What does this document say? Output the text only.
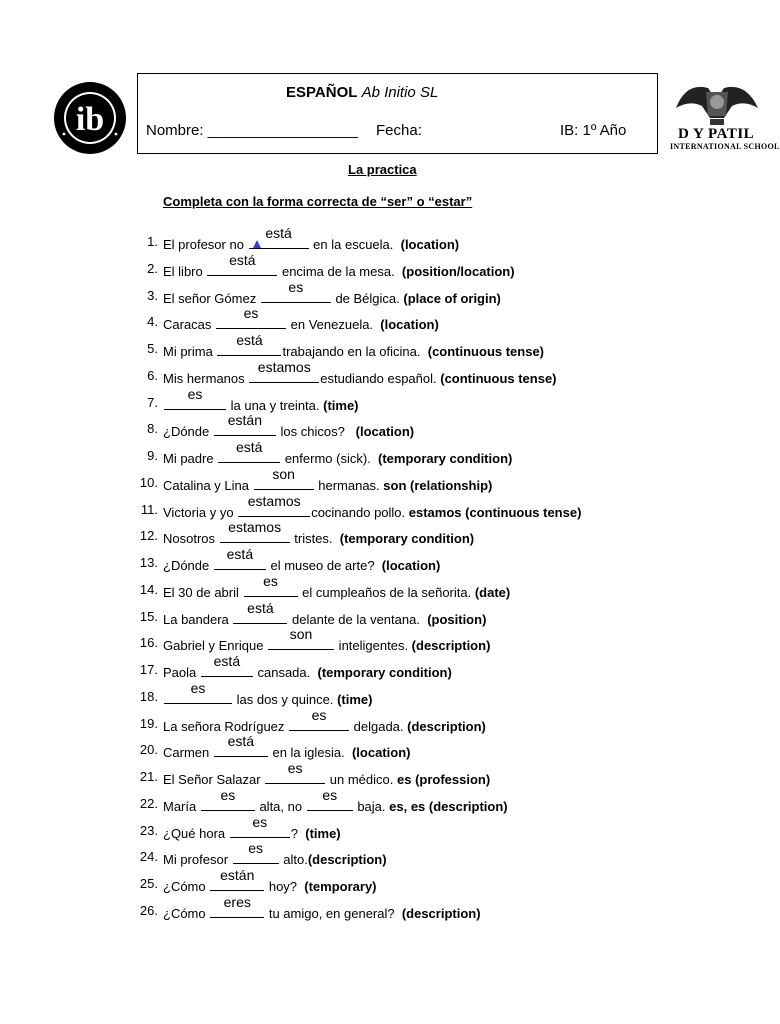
ib	D Y PATIL
INTERNATIONAL SCHOOL
ESPAÑOL Ab Initio SL
Nombre: __________________ Fecha:	IB: 1º Año
La practica
Completa con la forma correcta de “ser” o “estar”
1. El profesor no
está
en la escuela. (location)
2. El libro
está
encima de la mesa. (position/location)
3. El señor Gómez
es
de Bélgica. (place of origin)
4. Caracas
es
en Venezuela. (location)
5. Mi prima
está
trabajando en la oficina. (continuous tense)
6. Mis hermanos
estamos
estudiando español. (continuous tense)
7.
es
la una y treinta. (time)
8. ¿Dónde
están
los chicos? (location)
9. Mi padre
está
enfermo (sick). (temporary condition)
10. Catalina y Lina
son
hermanas. son (relationship)
11. Victoria y yo
estamos
cocinando pollo. estamos (continuous tense)
12. Nosotros
estamos
tristes. (temporary condition)
13. ¿Dónde
está
el museo de arte? (location)
14. El 30 de abril
es
el cumpleaños de la señorita. (date)
15. La bandera
está
delante de la ventana. (position)
16. Gabriel y Enrique
son
inteligentes. (description)
17. Paola
está
cansada. (temporary condition)
18.
es
las dos y quince. (time)
19. La señora Rodríguez
es
delgada. (description)
20. Carmen
está
en la iglesia. (location)
21. El Señor Salazar
es
un médico. es (profession)
22. María
es
alta, no
es
baja. es, es (description)
23. ¿Qué hora
es
? (time)
24. Mi profesor
es
alto. (description)
25. ¿Cómo
están
hoy? (temporary)
26. ¿Cómo
eres
tu amigo, en general? (description)
